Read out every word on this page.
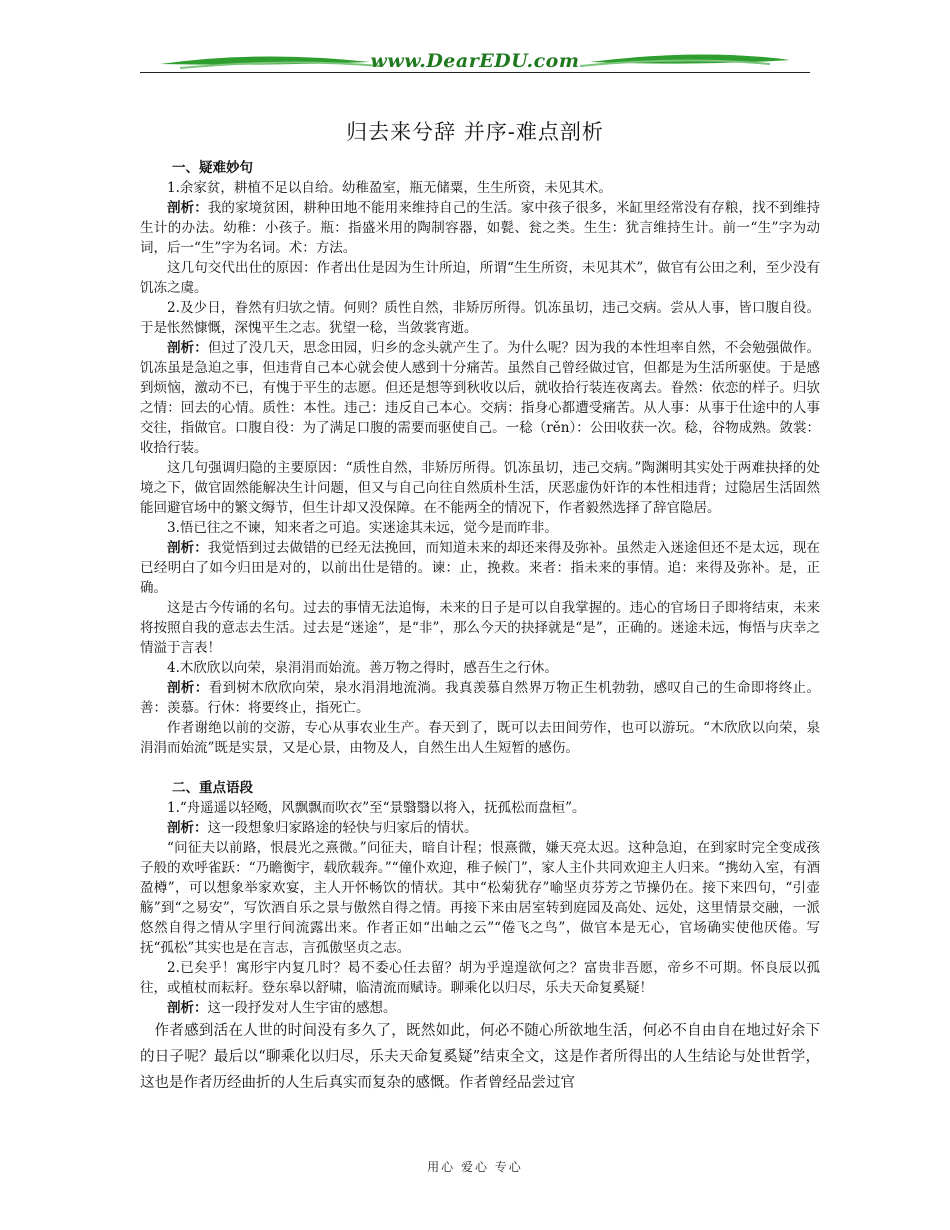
www.DearEDU.com
归去来兮辞 并序-难点剖析

一、疑难妙句

1.余家贫，耕植不足以自给。幼稚盈室，瓶无储粟，生生所资，未见其术。

剖析：我的家境贫困，耕种田地不能用来维持自己的生活。家中孩子很多，米缸里经常没有存粮，找不到维持生计的办法。幼稚：小孩子。瓶：指盛米用的陶制容器，如甏、瓮之类。生生：犹言维持生计。前一“生”字为动词，后一“生”字为名词。术：方法。

这几句交代出仕的原因：作者出仕是因为生计所迫，所谓“生生所资，未见其术”，做官有公田之利，至少没有饥冻之虞。

2.及少日，眷然有归欤之情。何则？质性自然，非矫厉所得。饥冻虽切，违己交病。尝从人事，皆口腹自役。于是怅然慷慨，深愧平生之志。犹望一稔，当敛裳宵逝。

剖析：但过了没几天，思念田园，归乡的念头就产生了。为什么呢？因为我的本性坦率自然，不会勉强做作。饥冻虽是急迫之事，但违背自己本心就会使人感到十分痛苦。虽然自己曾经做过官，但都是为生活所驱使。于是感到烦恼，激动不已，有愧于平生的志愿。但还是想等到秋收以后，就收拾行装连夜离去。眷然：依恋的样子。归欤之情：回去的心情。质性：本性。违己：违反自己本心。交病：指身心都遭受痛苦。从人事：从事于仕途中的人事交往，指做官。口腹自役：为了满足口腹的需要而驱使自己。一稔（rěn）：公田收获一次。稔，谷物成熟。敛裳：收拾行装。

这几句强调归隐的主要原因：“质性自然，非矫厉所得。饥冻虽切，违己交病。”陶渊明其实处于两难抉择的处境之下，做官固然能解决生计问题，但又与自己向往自然质朴生活，厌恶虚伪奸诈的本性相违背；过隐居生活固然能回避官场中的繁文缛节，但生计却又没保障。在不能两全的情况下，作者毅然选择了辞官隐居。

3.悟已往之不谏，知来者之可追。实迷途其未远，觉今是而昨非。

剖析：我觉悟到过去做错的已经无法挽回，而知道未来的却还来得及弥补。虽然走入迷途但还不是太远，现在已经明白了如今归田是对的，以前出仕是错的。谏：止，挽救。来者：指未来的事情。追：来得及弥补。是，正确。

这是古今传诵的名句。过去的事情无法追悔，未来的日子是可以自我掌握的。违心的官场日子即将结束，未来将按照自我的意志去生活。过去是“迷途”，是“非”，那么今天的抉择就是“是”，正确的。迷途未远，悔悟与庆幸之情溢于言表！

4.木欣欣以向荣，泉涓涓而始流。善万物之得时，感吾生之行休。

剖析：看到树木欣欣向荣，泉水涓涓地流淌。我真羡慕自然界万物正生机勃勃，感叹自己的生命即将终止。善：羡慕。行休：将要终止，指死亡。

作者谢绝以前的交游，专心从事农业生产。春天到了，既可以去田间劳作，也可以游玩。“木欣欣以向荣，泉涓涓而始流”既是实景，又是心景，由物及人，自然生出人生短暂的感伤。

二、重点语段

1.“舟遥遥以轻飏，风飘飘而吹衣”至“景翳翳以将入，抚孤松而盘桓”。

剖析：这一段想象归家路途的轻快与归家后的情状。

“问征夫以前路，恨晨光之熹微。”问征夫，暗自计程；恨熹微，嫌天亮太迟。这种急迫，在到家时完全变成孩子般的欢呼雀跃：“乃瞻衡宇，载欣载奔。”“僮仆欢迎，稚子候门”，家人主仆共同欢迎主人归来。“携幼入室，有酒盈樽”，可以想象举家欢宴，主人开怀畅饮的情状。其中“松菊犹存”喻坚贞芬芳之节操仍在。接下来四句，“引壶觞”到“之易安”，写饮酒自乐之景与傲然自得之情。再接下来由居室转到庭园及高处、远处，这里情景交融，一派悠然自得之情从字里行间流露出来。作者正如“出岫之云”“倦飞之鸟”，做官本是无心，官场确实使他厌倦。写抚“孤松”其实也是在言志，言孤傲坚贞之志。

2.已矣乎！寓形宇内复几时？曷不委心任去留？胡为乎遑遑欲何之？富贵非吾愿，帝乡不可期。怀良辰以孤往，或植杖而耘耔。登东皋以舒啸，临清流而赋诗。聊乘化以归尽，乐夫天命复奚疑！

剖析：这一段抒发对人生宇宙的感想。

作者感到活在人世的时间没有多久了，既然如此，何必不随心所欲地生活，何必不自由自在地过好余下的日子呢？最后以“聊乘化以归尽，乐夫天命复奚疑”结束全文，这是作者所得出的人生结论与处世哲学，这也是作者历经曲折的人生后真实而复杂的感慨。作者曾经品尝过官

用心 爱心 专心
